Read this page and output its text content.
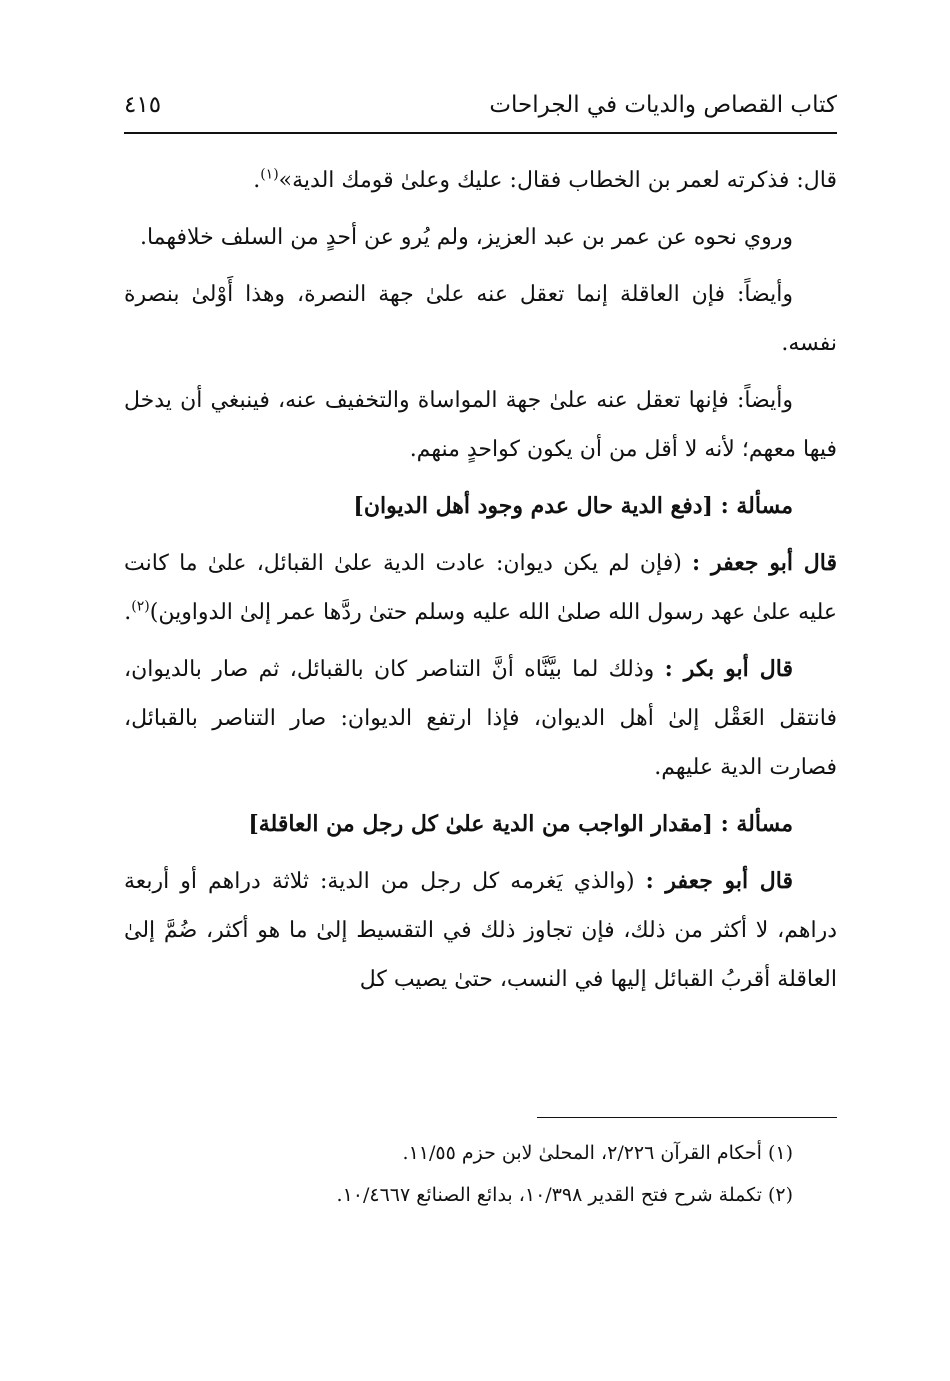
كتاب القصاص والديات في الجراحات
٤١٥

قال: فذكرته لعمر بن الخطاب فقال: عليك وعلىٰ قومك الدية»$^{(١)}$.

وروي نحوه عن عمر بن عبد العزيز، ولم يُرو عن أحدٍ من السلف خلافهما.

وأيضاً: فإن العاقلة إنما تعقل عنه علىٰ جهة النصرة، وهذا أَوْلىٰ بنصرة نفسه.

وأيضاً: فإنها تعقل عنه علىٰ جهة المواساة والتخفيف عنه، فينبغي أن يدخل فيها معهم؛ لأنه لا أقل من أن يكون كواحدٍ منهم.

مسألة : [دفع الدية حال عدم وجود أهل الديوان]

قال أبو جعفر : (فإن لم يكن ديوان: عادت الدية علىٰ القبائل، علىٰ ما كانت عليه علىٰ عهد رسول الله صلىٰ الله عليه وسلم حتىٰ ردَّها عمر إلىٰ الدواوين)$^{(٢)}$.

قال أبو بكر : وذلك لما بيَّنَّاه أنَّ التناصر كان بالقبائل، ثم صار بالديوان، فانتقل العَقْل إلىٰ أهل الديوان، فإذا ارتفع الديوان: صار التناصر بالقبائل، فصارت الدية عليهم.

مسألة : [مقدار الواجب من الدية علىٰ كل رجل من العاقلة]

قال أبو جعفر : (والذي يَغرمه كل رجل من الدية: ثلاثة دراهم أو أربعة دراهم، لا أكثر من ذلك، فإن تجاوز ذلك في التقسيط إلىٰ ما هو أكثر، ضُمَّ إلىٰ العاقلة أقربُ القبائل إليها في النسب، حتىٰ يصيب كل

(١) أحكام القرآن ٢/٢٢٦، المحلىٰ لابن حزم ١١/٥٥.

(٢) تكملة شرح فتح القدير ١٠/٣٩٨، بدائع الصنائع ١٠/٤٦٦٧.
